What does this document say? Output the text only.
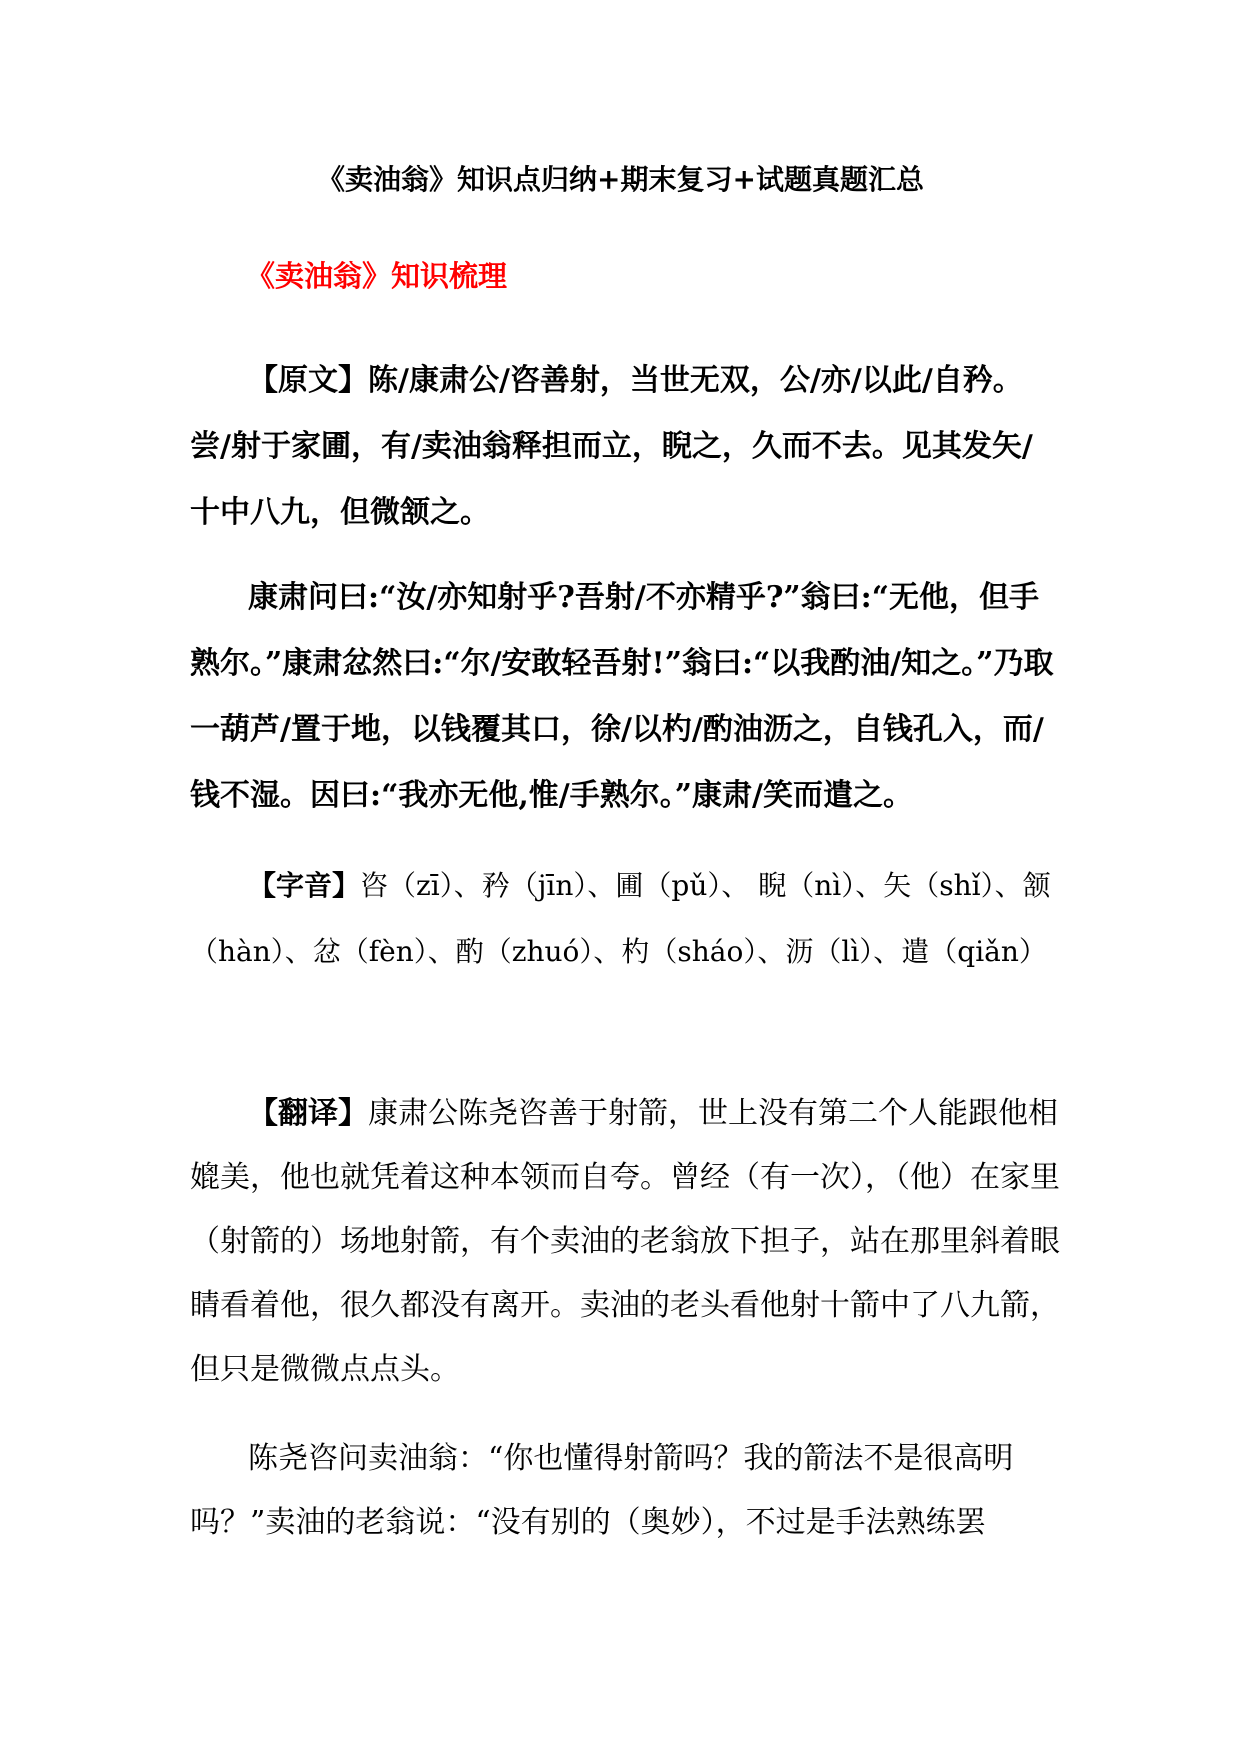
《卖油翁》知识点归纳+期末复习+试题真题汇总
《卖油翁》知识梳理

【原文】陈/康肃公/咨善射，当世无双，公/亦/以此/自矜。尝/射于家圃，有/卖油翁释担而立，睨之，久而不去。见其发矢/十中八九，但微颔之。

康肃问曰:“汝/亦知射乎?吾射/不亦精乎?”翁曰:“无他，但手熟尔。”康肃忿然曰:“尔/安敢轻吾射!”翁曰:“以我酌油/知之。”乃取一葫芦/置于地，以钱覆其口，徐/以杓/酌油沥之，自钱孔入，而/钱不湿。因曰:“我亦无他,惟/手熟尔。”康肃/笑而遣之。

【字音】咨（zī）、矜（jīn）、圃（pǔ）、 睨（nì）、矢（shǐ）、颔（hàn）、忿（fèn）、酌（zhuó）、杓（sháo）、沥（lì）、遣（qiǎn）

【翻译】康肃公陈尧咨善于射箭，世上没有第二个人能跟他相媲美，他也就凭着这种本领而自夸。曾经（有一次），（他）在家里（射箭的）场地射箭，有个卖油的老翁放下担子，站在那里斜着眼睛看着他，很久都没有离开。卖油的老头看他射十箭中了八九箭，但只是微微点点头。

陈尧咨问卖油翁：“你也懂得射箭吗？我的箭法不是很高明吗？”卖油的老翁说：“没有别的（奥妙），不过是手法熟练罢
